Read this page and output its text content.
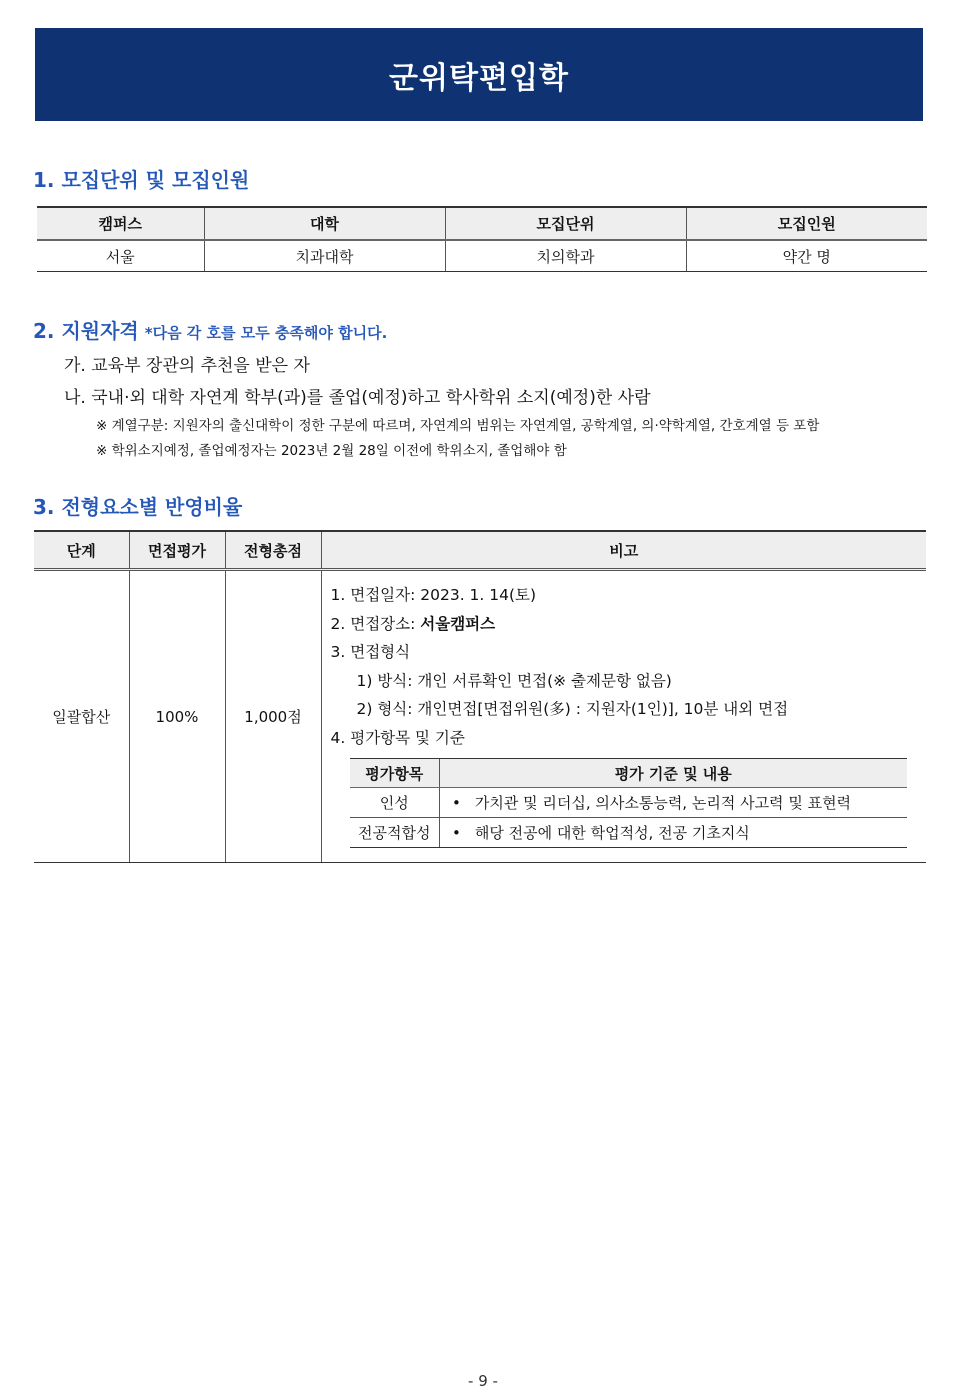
군위탁편입학
1. 모집단위 및 모집인원
캠퍼스	대학	모집단위	모집인원
서울	치과대학	치의학과	약간 명
2. 지원자격 *다음 각 호를 모두 충족해야 합니다.
가. 교육부 장관의 추천을 받은 자
나. 국내·외 대학 자연계 학부(과)를 졸업(예정)하고 학사학위 소지(예정)한 사람
※ 계열구분: 지원자의 출신대학이 정한 구분에 따르며, 자연계의 범위는 자연계열, 공학계열, 의·약학계열, 간호계열 등 포함
※ 학위소지예정, 졸업예정자는 2023년 2월 28일 이전에 학위소지, 졸업해야 함
3. 전형요소별 반영비율
단계	면접평가	전형총점	비고
일괄합산	100%	1,000점	
1. 면접일자: 2023. 1. 14(토)
2. 면접장소: 서울캠퍼스
3. 면접형식
1) 방식: 개인 서류확인 면접(※ 출제문항 없음)
2) 형식: 개인면접[면접위원(多) : 지원자(1인)], 10분 내외 면접
4. 평가항목 및 기준
평가항목	평가 기준 및 내용
인성	• 가치관 및 리더십, 의사소통능력, 논리적 사고력 및 표현력
전공적합성	• 해당 전공에 대한 학업적성, 전공 기초지식
- 9 -
